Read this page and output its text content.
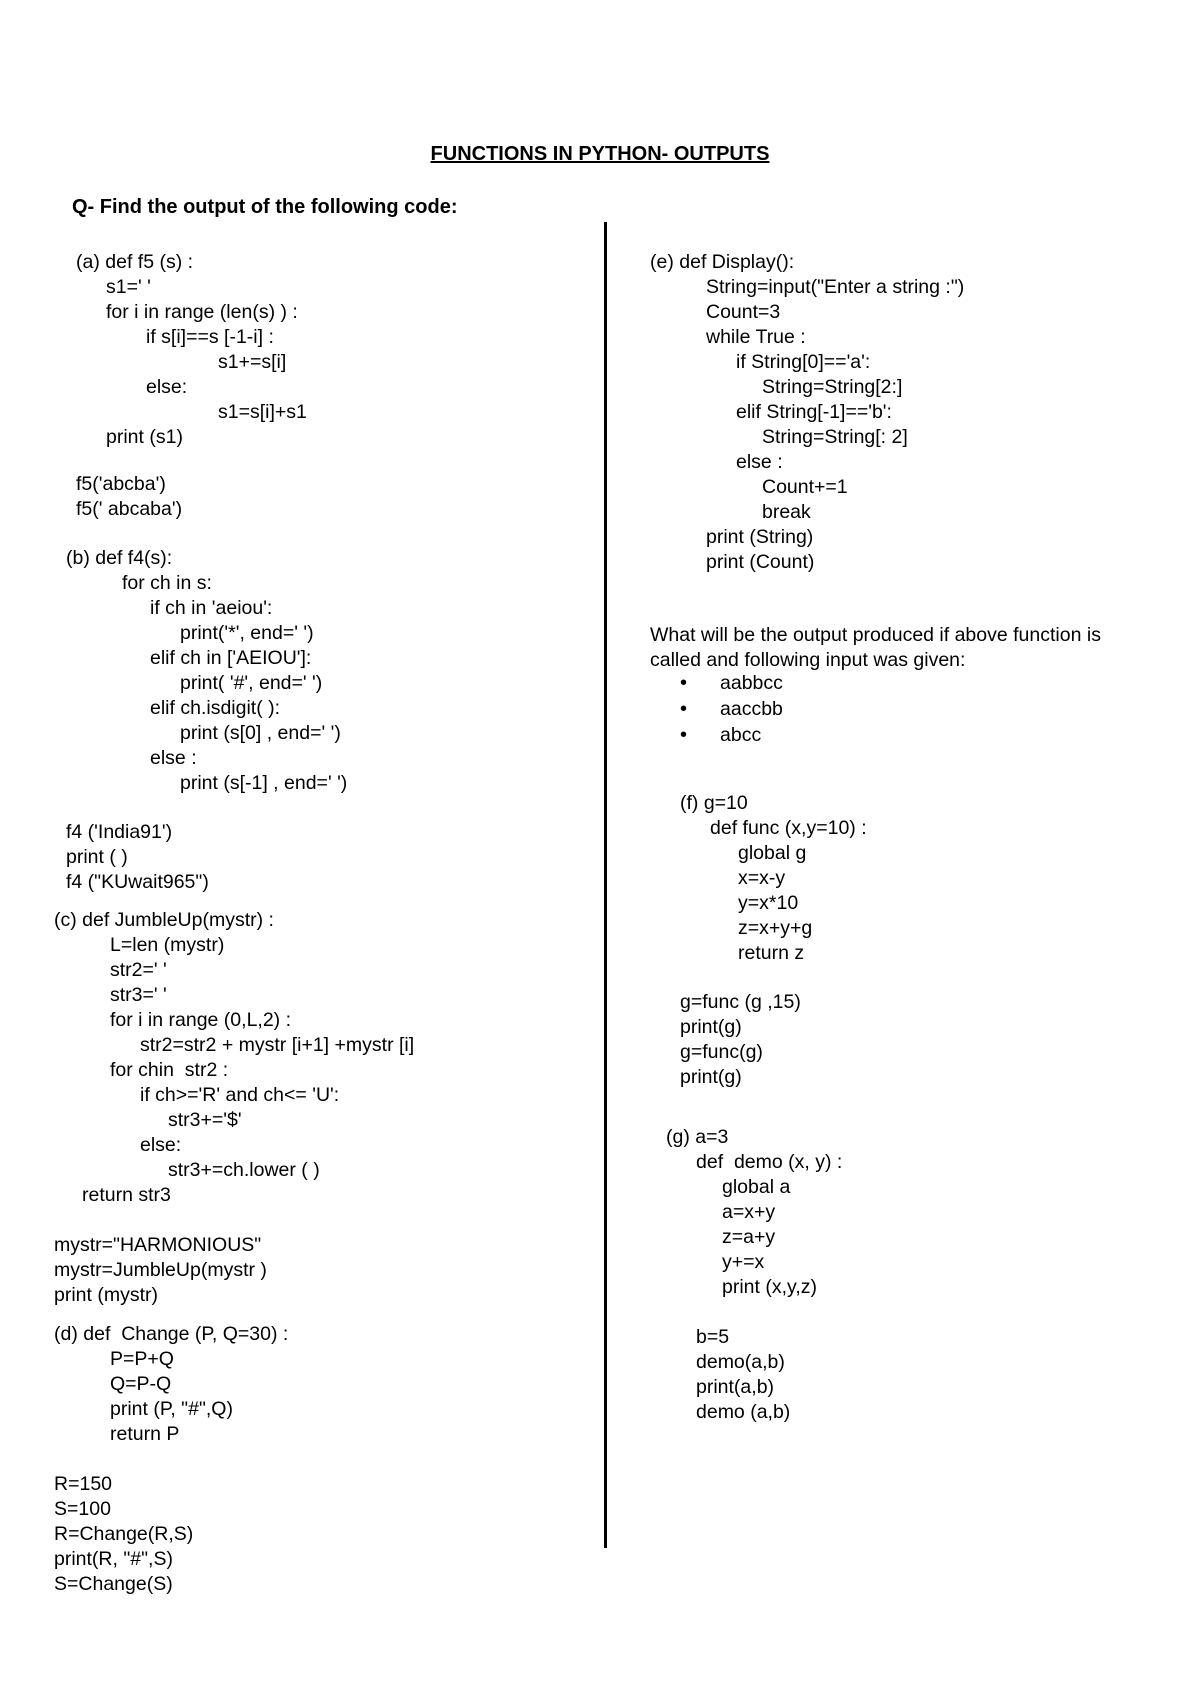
FUNCTIONS IN PYTHON- OUTPUTS
Q- Find the output of the following code:
(a) def f5 (s) :
s1=' '
for i in range (len(s) ) :
if s[i]==s [-1-i] :
s1+=s[i]
else:
s1=s[i]+s1
print (s1)
f5('abcba')
f5(' abcaba')
(b) def f4(s):
for ch in s:
if ch in 'aeiou':
print('*', end=' ')
elif ch in ['AEIOU']:
print( '#', end=' ')
elif ch.isdigit( ):
print (s[0] , end=' ')
else :
print (s[-1] , end=' ')
f4 ('India91')
print ( )
f4 ("KUwait965")
(c) def JumbleUp(mystr) :
L=len (mystr)
str2=' '
str3=' '
for i in range (0,L,2) :
str2=str2 + mystr [i+1] +mystr [i]
for chin  str2 :
if ch>='R' and ch<= 'U':
str3+='$'
else:
str3+=ch.lower ( )
return str3
mystr="HARMONIOUS"
mystr=JumbleUp(mystr )
print (mystr)
(d) def  Change (P, Q=30) :
P=P+Q
Q=P-Q
print (P, "#",Q)
return P
R=150
S=100
R=Change(R,S)
print(R, "#",S)
S=Change(S)
(e) def Display():
String=input("Enter a string :")
Count=3
while True :
if String[0]=='a':
String=String[2:]
elif String[-1]=='b':
String=String[: 2]
else :
Count+=1
break
print (String)
print (Count)
What will be the output produced if above function is
called and following input was given:
(f) g=10
def func (x,y=10) :
global g
x=x-y
y=x*10
z=x+y+g
return z
g=func (g ,15)
print(g)
g=func(g)
print(g)
(g) a=3
def  demo (x, y) :
global a
a=x+y
z=a+y
y+=x
print (x,y,z)
b=5
demo(a,b)
print(a,b)
demo (a,b)
• aabbcc
• aaccbb
• abcc
